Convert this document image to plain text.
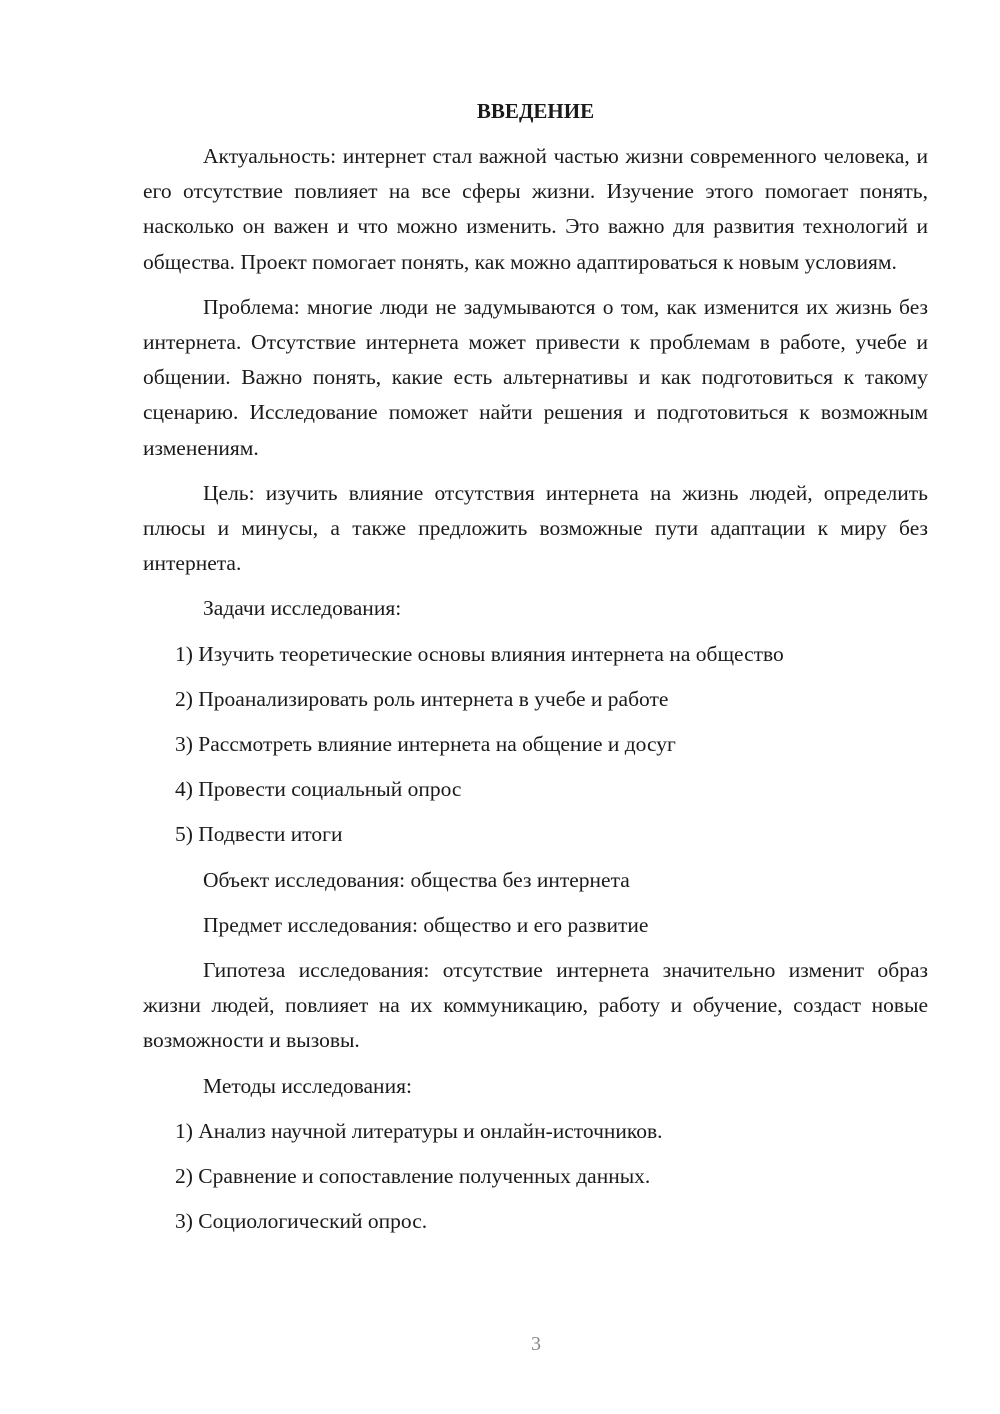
ВВЕДЕНИЕ

Актуальность: интернет стал важной частью жизни современного человека, и его отсутствие повлияет на все сферы жизни. Изучение этого помогает понять, насколько он важен и что можно изменить. Это важно для развития технологий и общества. Проект помогает понять, как можно адаптироваться к новым условиям.

Проблема: многие люди не задумываются о том, как изменится их жизнь без интернета. Отсутствие интернета может привести к проблемам в работе, учебе и общении. Важно понять, какие есть альтернативы и как подготовиться к такому сценарию. Исследование поможет найти решения и подготовиться к возможным изменениям.

Цель: изучить влияние отсутствия интернета на жизнь людей, определить плюсы и минусы, а также предложить возможные пути адаптации к миру без интернета.

Задачи исследования:
1) Изучить теоретические основы влияния интернета на общество
2) Проанализировать роль интернета в учебе и работе
3) Рассмотреть влияние интернета на общение и досуг
4) Провести социальный опрос
5) Подвести итоги
Объект исследования: общества без интернета
Предмет исследования: общество и его развитие

Гипотеза исследования: отсутствие интернета значительно изменит образ жизни людей, повлияет на их коммуникацию, работу и обучение, создаст новые возможности и вызовы.

Методы исследования:
1) Анализ научной литературы и онлайн-источников.
2) Сравнение и сопоставление полученных данных.
3) Социологический опрос.
3
